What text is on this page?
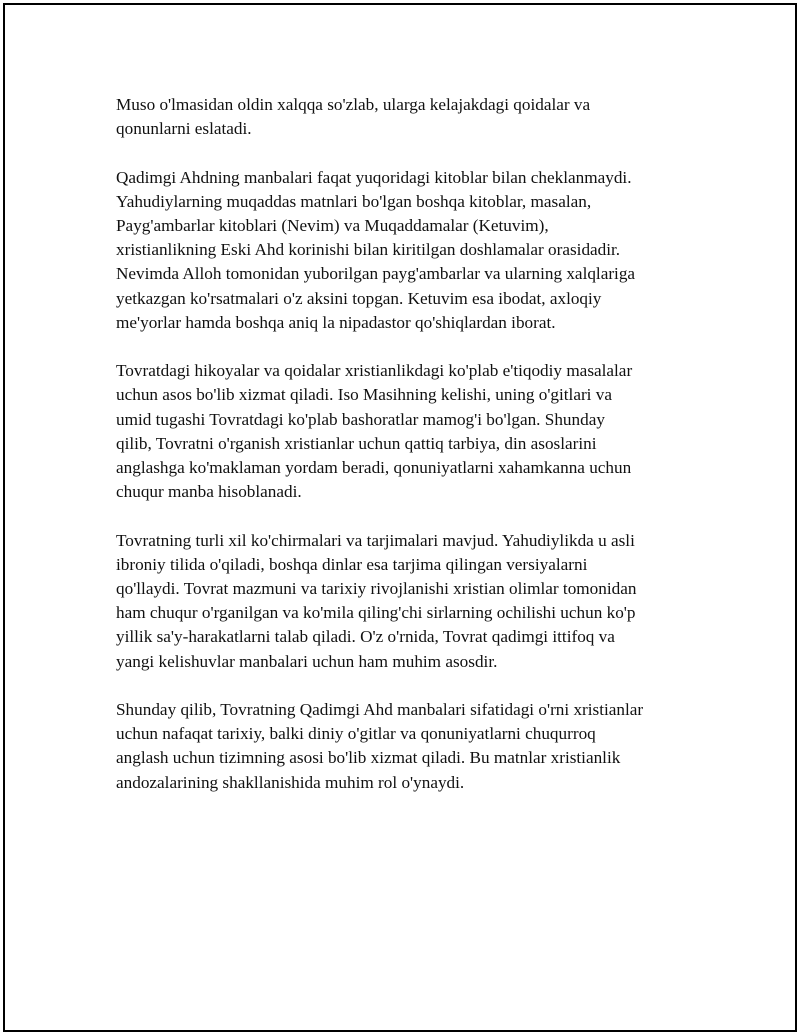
Muso o'lmasidan oldin xalqqa so'zlab, ularga kelajakdagi qoidalar va
qonunlarni eslatadi.

Qadimgi Ahdning manbalari faqat yuqoridagi kitoblar bilan cheklanmaydi.
Yahudiylarning muqaddas matnlari bo'lgan boshqa kitoblar, masalan,
Payg'ambarlar kitoblari (Nevim) va Muqaddamalar (Ketuvim),
xristianlikning Eski Ahd korinishi bilan kiritilgan doshlamalar orasidadir.
Nevimda Alloh tomonidan yuborilgan payg'ambarlar va ularning xalqlariga
yetkazgan ko'rsatmalari o'z aksini topgan. Ketuvim esa ibodat, axloqiy
me'yorlar hamda boshqa aniq la nipadastor qo'shiqlardan iborat.

Tovratdagi hikoyalar va qoidalar xristianlikdagi ko'plab e'tiqodiy masalalar
uchun asos bo'lib xizmat qiladi. Iso Masihning kelishi, uning o'gitlari va
umid tugashi Tovratdagi ko'plab bashoratlar mamog'i bo'lgan. Shunday
qilib, Tovratni o'rganish xristianlar uchun qattiq tarbiya, din asoslarini
anglashga ko'maklaman yordam beradi, qonuniyatlarni xahamkanna uchun
chuqur manba hisoblanadi.

Tovratning turli xil ko'chirmalari va tarjimalari mavjud. Yahudiylikda u asli
ibroniy tilida o'qiladi, boshqa dinlar esa tarjima qilingan versiyalarni
qo'llaydi. Tovrat mazmuni va tarixiy rivojlanishi xristian olimlar tomonidan
ham chuqur o'rganilgan va ko'mila qiling'chi sirlarning ochilishi uchun ko'p
yillik sa'y-harakatlarni talab qiladi. O'z o'rnida, Tovrat qadimgi ittifoq va
yangi kelishuvlar manbalari uchun ham muhim asosdir.

Shunday qilib, Tovratning Qadimgi Ahd manbalari sifatidagi o'rni xristianlar
uchun nafaqat tarixiy, balki diniy o'gitlar va qonuniyatlarni chuqurroq
anglash uchun tizimning asosi bo'lib xizmat qiladi. Bu matnlar xristianlik
andozalarining shakllanishida muhim rol o'ynaydi.
